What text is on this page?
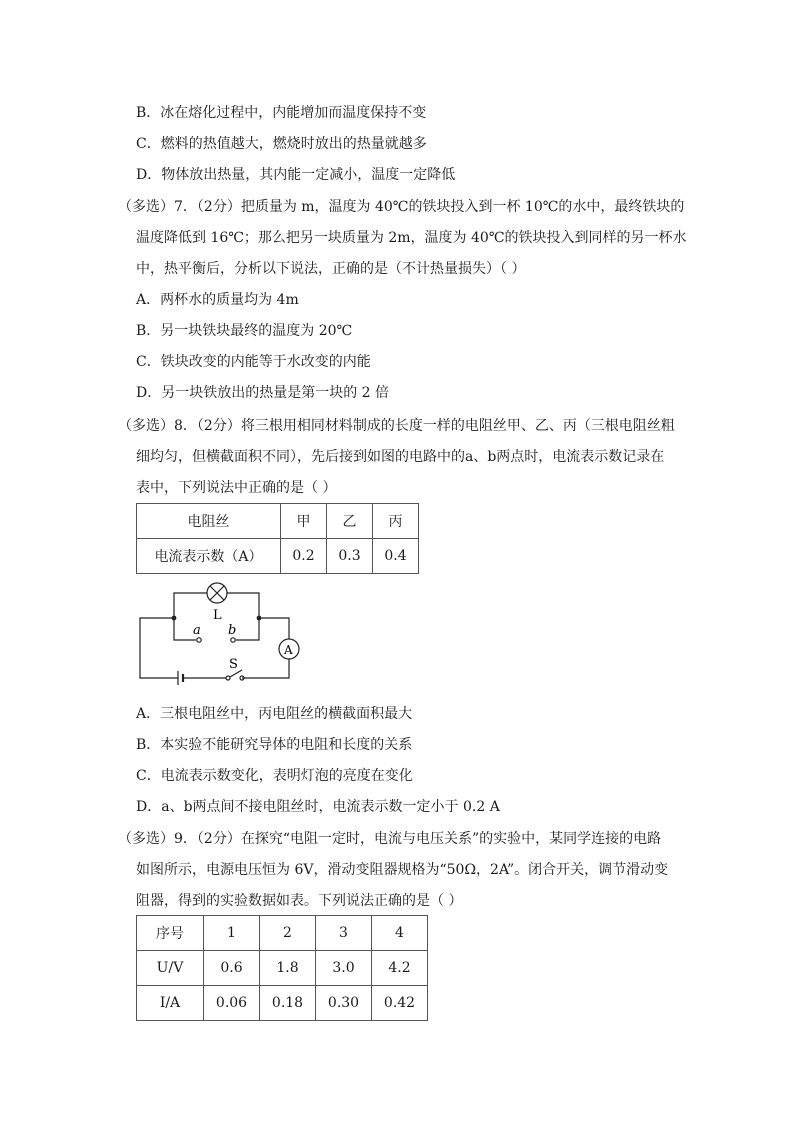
B．冰在熔化过程中，内能增加而温度保持不变
C．燃料的热值越大，燃烧时放出的热量就越多
D．物体放出热量，其内能一定减小，温度一定降低
（多选）7．（2分）把质量为 m，温度为 40℃的铁块投入到一杯 10℃的水中，最终铁块的
温度降低到 16℃；那么把另一块质量为 2m，温度为 40℃的铁块投入到同样的另一杯水
中，热平衡后，分析以下说法，正确的是（不计热量损失）（ ）
A．两杯水的质量均为 4m
B．另一块铁块最终的温度为 20℃
C．铁块改变的内能等于水改变的内能
D．另一块铁放出的热量是第一块的 2 倍
（多选）8．（2分）将三根用相同材料制成的长度一样的电阻丝甲、乙、丙（三根电阻丝粗
细均匀，但横截面积不同），先后接到如图的电路中的a、b两点时，电流表示数记录在
表中，下列说法中正确的是（ ）
电阻丝	甲	乙	丙
电流表示数（A）	0.2	0.3	0.4
L
a b
A
S
A．三根电阻丝中，丙电阻丝的横截面积最大
B．本实验不能研究导体的电阻和长度的关系
C．电流表示数变化，表明灯泡的亮度在变化
D．a、b两点间不接电阻丝时，电流表示数一定小于 0.2 A
（多选）9．（2分）在探究“电阻一定时，电流与电压关系”的实验中，某同学连接的电路
如图所示，电源电压恒为 6V，滑动变阻器规格为“50Ω，2A”。闭合开关，调节滑动变
阻器，得到的实验数据如表。下列说法正确的是（ ）
序号	1	2	3	4
U/V	0.6	1.8	3.0	4.2
I/A	0.06	0.18	0.30	0.42
